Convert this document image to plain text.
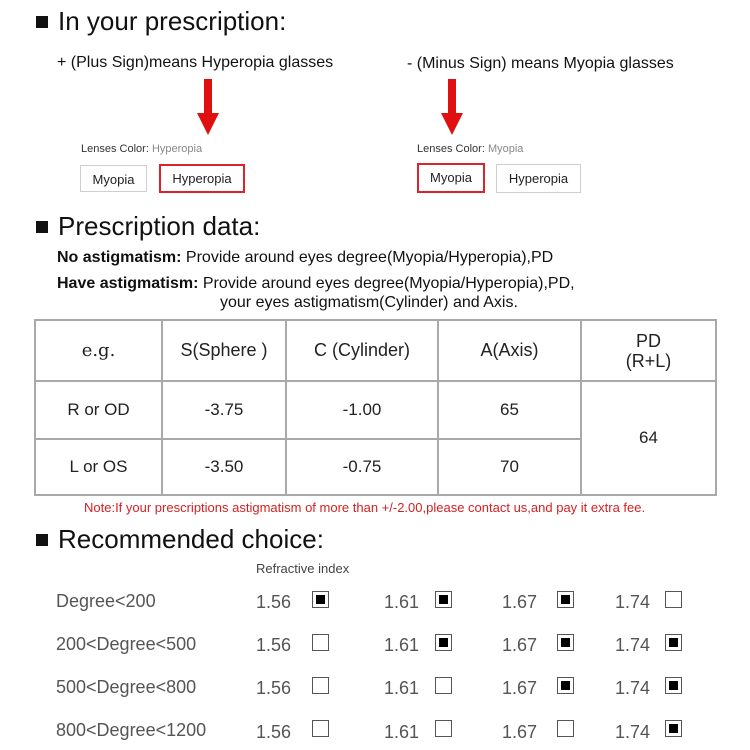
In your prescription:
+ (Plus Sign)means Hyperopia glasses	- (Minus Sign) means Myopia glasses
Lenses Color: Hyperopia
Myopia	Hyperopia
Lenses Color: Myopia
Myopia	Hyperopia
Prescription data:
No astigmatism: Provide around eyes degree(Myopia/Hyperopia),PD
Have astigmatism: Provide around eyes degree(Myopia/Hyperopia),PD,
your eyes astigmatism(Cylinder) and Axis.
e.g.	S(Sphere )	C (Cylinder)	A(Axis)	PD
(R+L)

R or OD	-3.75	-1.00	65	64
L or OS	-3.50	-0.75	70	
Note:If your prescriptions astigmatism of more than +/-2.00,please contact us,and pay it extra fee.
Recommended choice:
Refractive index
Degree<200	1.56	1.61	1.67	1.74
200<Degree<500	1.56	1.61	1.67	1.74
500<Degree<800	1.56	1.61	1.67	1.74
800<Degree<1200	1.56	1.61	1.67	1.74
